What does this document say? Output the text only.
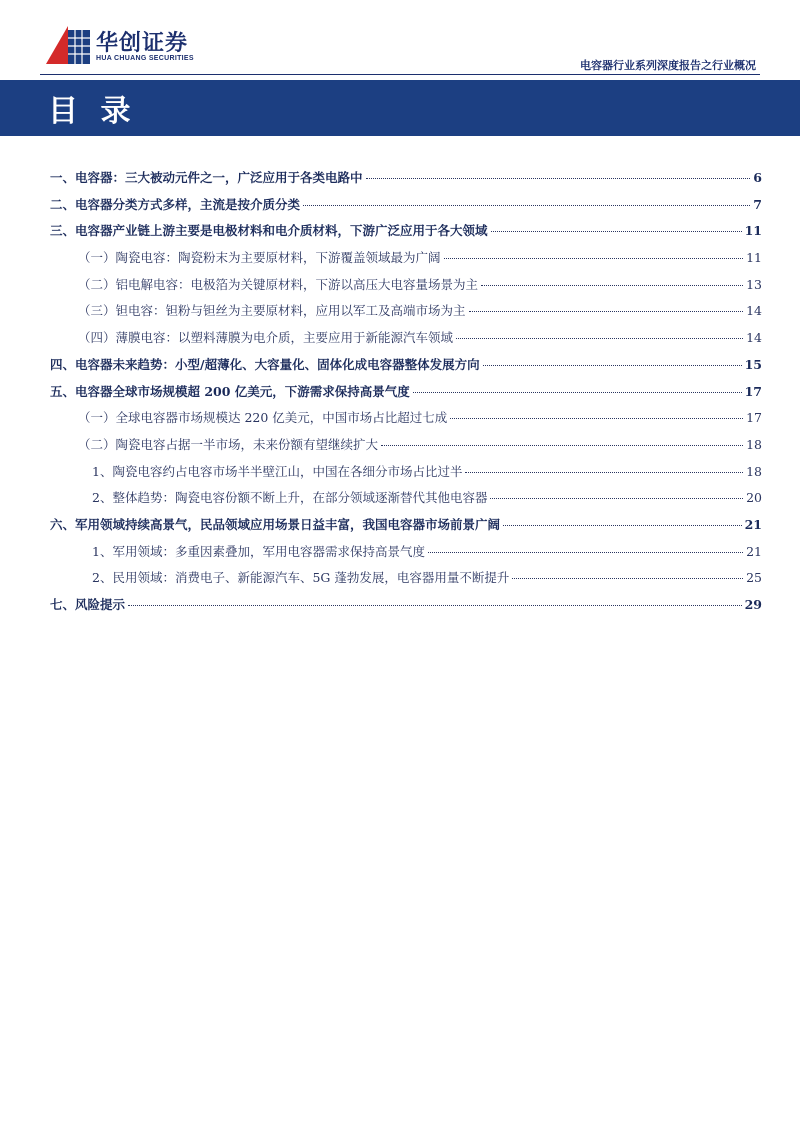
华创证券
HUA CHUANG SECURITIES
电容器行业系列深度报告之行业概况
目 录
一、电容器：三大被动元件之一，广泛应用于各类电路中	6
二、电容器分类方式多样，主流是按介质分类	7
三、电容器产业链上游主要是电极材料和电介质材料，下游广泛应用于各大领域	11
（一）陶瓷电容：陶瓷粉末为主要原材料，下游覆盖领域最为广阔	11
（二）铝电解电容：电极箔为关键原材料，下游以高压大电容量场景为主	13
（三）钽电容：钽粉与钽丝为主要原材料，应用以军工及高端市场为主	14
（四）薄膜电容：以塑料薄膜为电介质，主要应用于新能源汽车领域	14
四、电容器未来趋势：小型/超薄化、大容量化、固体化成电容器整体发展方向	15
五、电容器全球市场规模超 200 亿美元，下游需求保持高景气度	17
（一）全球电容器市场规模达 220 亿美元，中国市场占比超过七成	17
（二）陶瓷电容占据一半市场，未来份额有望继续扩大	18
1、陶瓷电容约占电容市场半半壁江山，中国在各细分市场占比过半	18
2、整体趋势：陶瓷电容份额不断上升，在部分领域逐渐替代其他电容器	20
六、军用领域持续高景气，民品领域应用场景日益丰富，我国电容器市场前景广阔	21
1、军用领域：多重因素叠加，军用电容器需求保持高景气度	21
2、民用领域：消费电子、新能源汽车、5G 蓬勃发展，电容器用量不断提升	25
七、风险提示	29
